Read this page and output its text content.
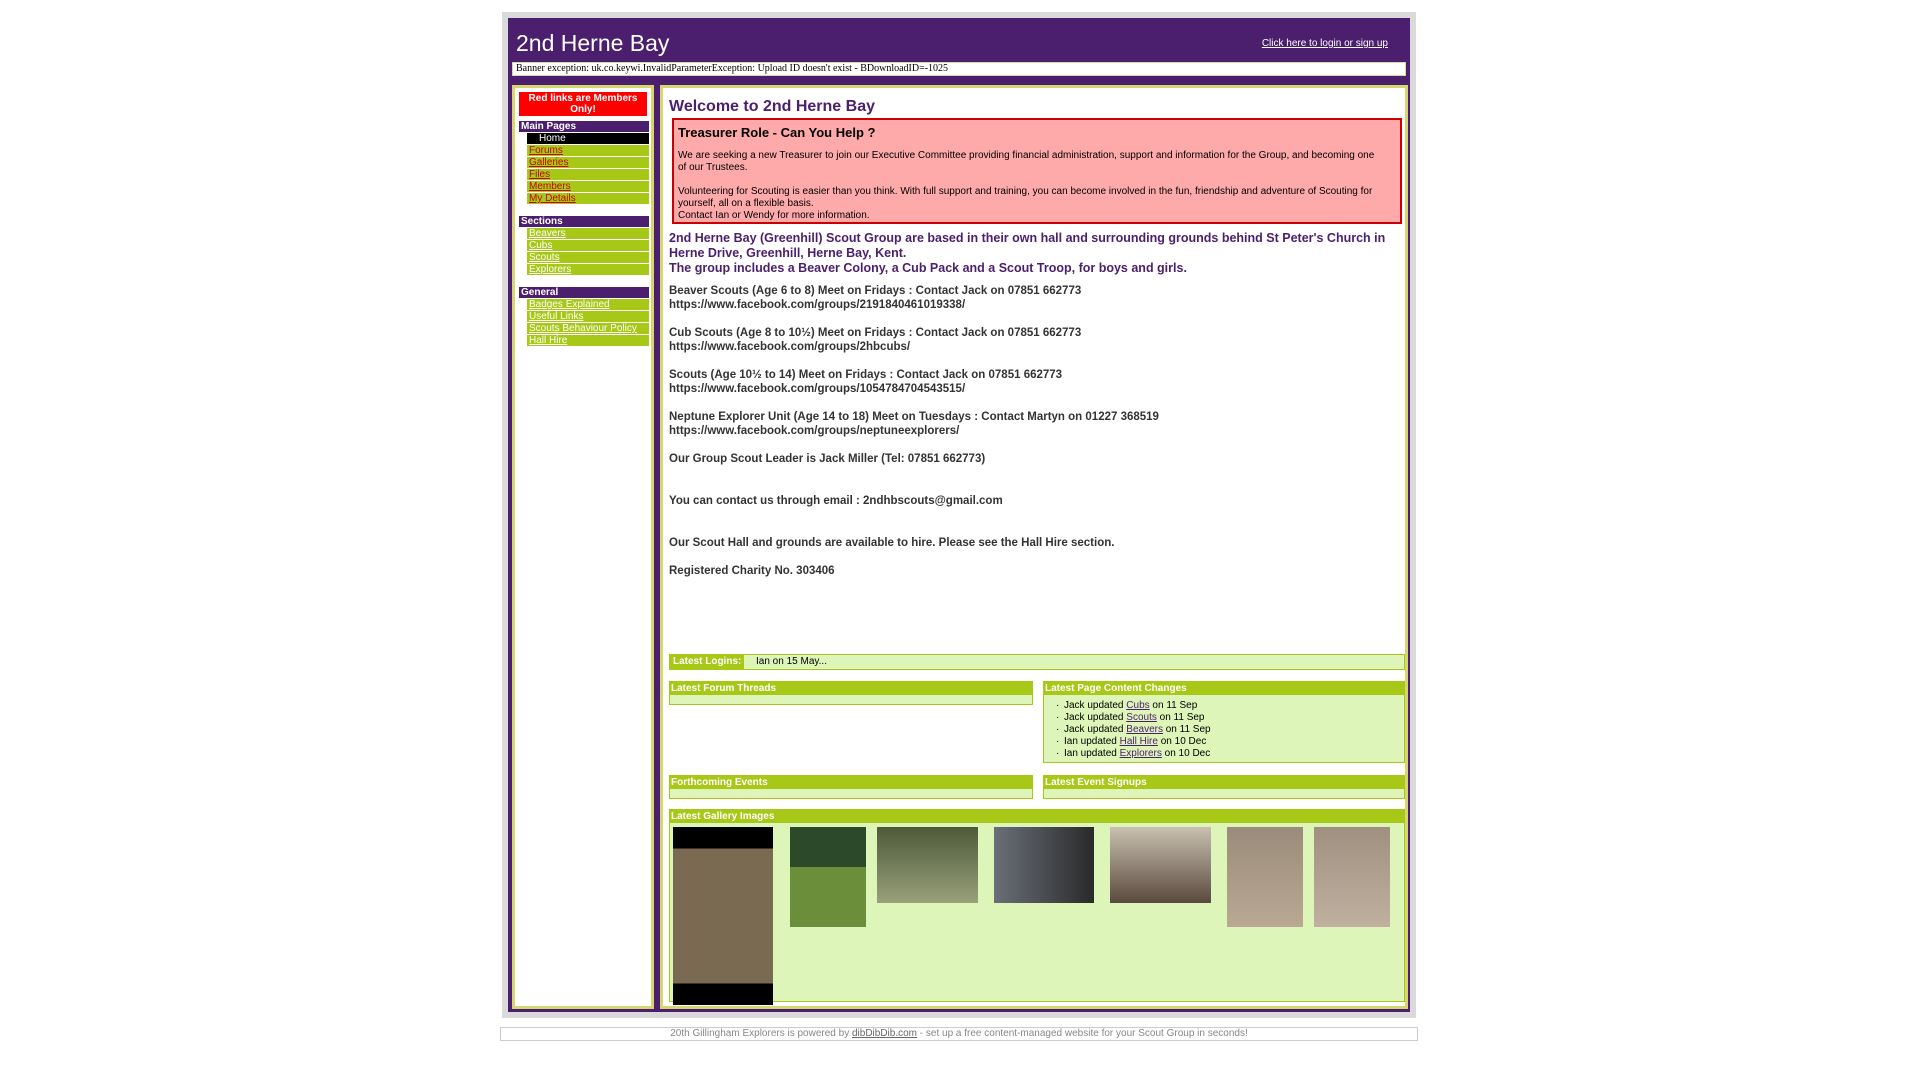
2nd Herne Bay	Click here to login or sign up
Banner exception: uk.co.keywi.InvalidParameterException: Upload ID doesn't exist - BDownloadID=-1025
Red links are Members Only!
Main Pages
Home
Forums
Galleries
Files
Members
My Details
Sections
Beavers
Cubs
Scouts
Explorers
General
Badges Explained
Useful Links
Scouts Behaviour Policy
Hall Hire
Welcome to 2nd Herne Bay
Treasurer Role - Can You Help ?

We are seeking a new Treasurer to join our Executive Committee providing financial administration, support and information for the Group, and becoming one of our Trustees.

Volunteering for Scouting is easier than you think. With full support and training, you can become involved in the fun, friendship and adventure of Scouting for yourself, all on a flexible basis.

Contact Ian or Wendy for more information.

2nd Herne Bay (Greenhill) Scout Group are based in their own hall and surrounding grounds behind St Peter's Church in Herne Drive, Greenhill, Herne Bay, Kent.
The group includes a Beaver Colony, a Cub Pack and a Scout Troop, for boys and girls.
Beaver Scouts (Age 6 to 8) Meet on Fridays : Contact Jack on 07851 662773
https://www.facebook.com/groups/2191840461019338/
Cub Scouts (Age 8 to 10½) Meet on Fridays : Contact Jack on 07851 662773
https://www.facebook.com/groups/2hbcubs/
Scouts (Age 10½ to 14) Meet on Fridays : Contact Jack on 07851 662773
https://www.facebook.com/groups/1054784704543515/
Neptune Explorer Unit (Age 14 to 18) Meet on Tuesdays : Contact Martyn on 01227 368519
https://www.facebook.com/groups/neptuneexplorers/
Our Group Scout Leader is Jack Miller (Tel: 07851 662773)
You can contact us through email : 2ndhbscouts@gmail.com
Our Scout Hall and grounds are available to hire. Please see the Hall Hire section.
Registered Charity No. 303406
Latest Logins:	Ian on 15 May...
Latest Forum Threads	Latest Page Content Changes
· Jack updated Cubs on 11 Sep
· Jack updated Scouts on 11 Sep
· Jack updated Beavers on 11 Sep
· Ian updated Hall Hire on 10 Dec
· Ian updated Explorers on 10 Dec
Forthcoming Events	Latest Event Signups
Latest Gallery Images
20th Gillingham Explorers is powered by dibDibDib.com - set up a free content-managed website for your Scout Group in seconds!
